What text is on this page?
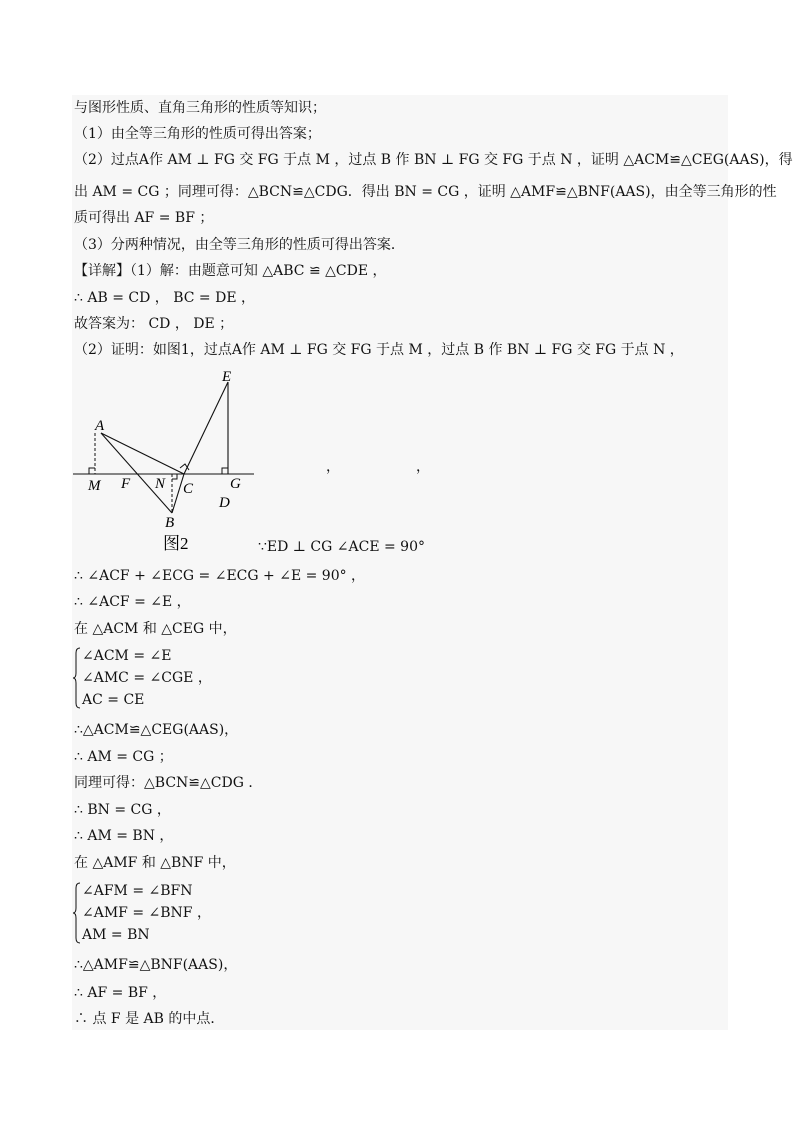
与图形性质、直角三角形的性质等知识；
（1）由全等三角形的性质可得出答案；
（2）过点A作 AM ⊥ FG 交 FG 于点 M ，过点 B 作 BN ⊥ FG 交 FG 于点 N ，证明 △ACM≌△CEG(AAS)，得
出 AM = CG ；同理可得：△BCN≌△CDG．得出 BN = CG ，证明 △AMF≌△BNF(AAS)，由全等三角形的性
质可得出 AF = BF ；
（3）分两种情况，由全等三角形的性质可得出答案．
【详解】（1）解：由题意可知 △ABC ≌ △CDE ，
∴ AB = CD ， BC = DE ，
故答案为： CD ， DE ；
（2）证明：如图1，过点A作 AM ⊥ FG 交 FG 于点 M ，过点 B 作 BN ⊥ FG 交 FG 于点 N ，
E
A
M F N C G
D
B
图2
，	，
∵ED ⊥ CG ∠ACE = 90°
∴ ∠ACF + ∠ECG = ∠ECG + ∠E = 90° ，
∴ ∠ACF = ∠E ，
在 △ACM 和 △CEG 中，
∠ACM = ∠E
∠AMC = ∠CGE ，
AC = CE
∴△ACM≌△CEG(AAS)，
∴ AM = CG ；
同理可得：△BCN≌△CDG ．
∴ BN = CG ，
∴ AM = BN ，
在 △AMF 和 △BNF 中，
∠AFM = ∠BFN
∠AMF = ∠BNF ，
AM = BN
∴△AMF≌△BNF(AAS)，
∴ AF = BF ，
∴ 点 F 是 AB 的中点．
